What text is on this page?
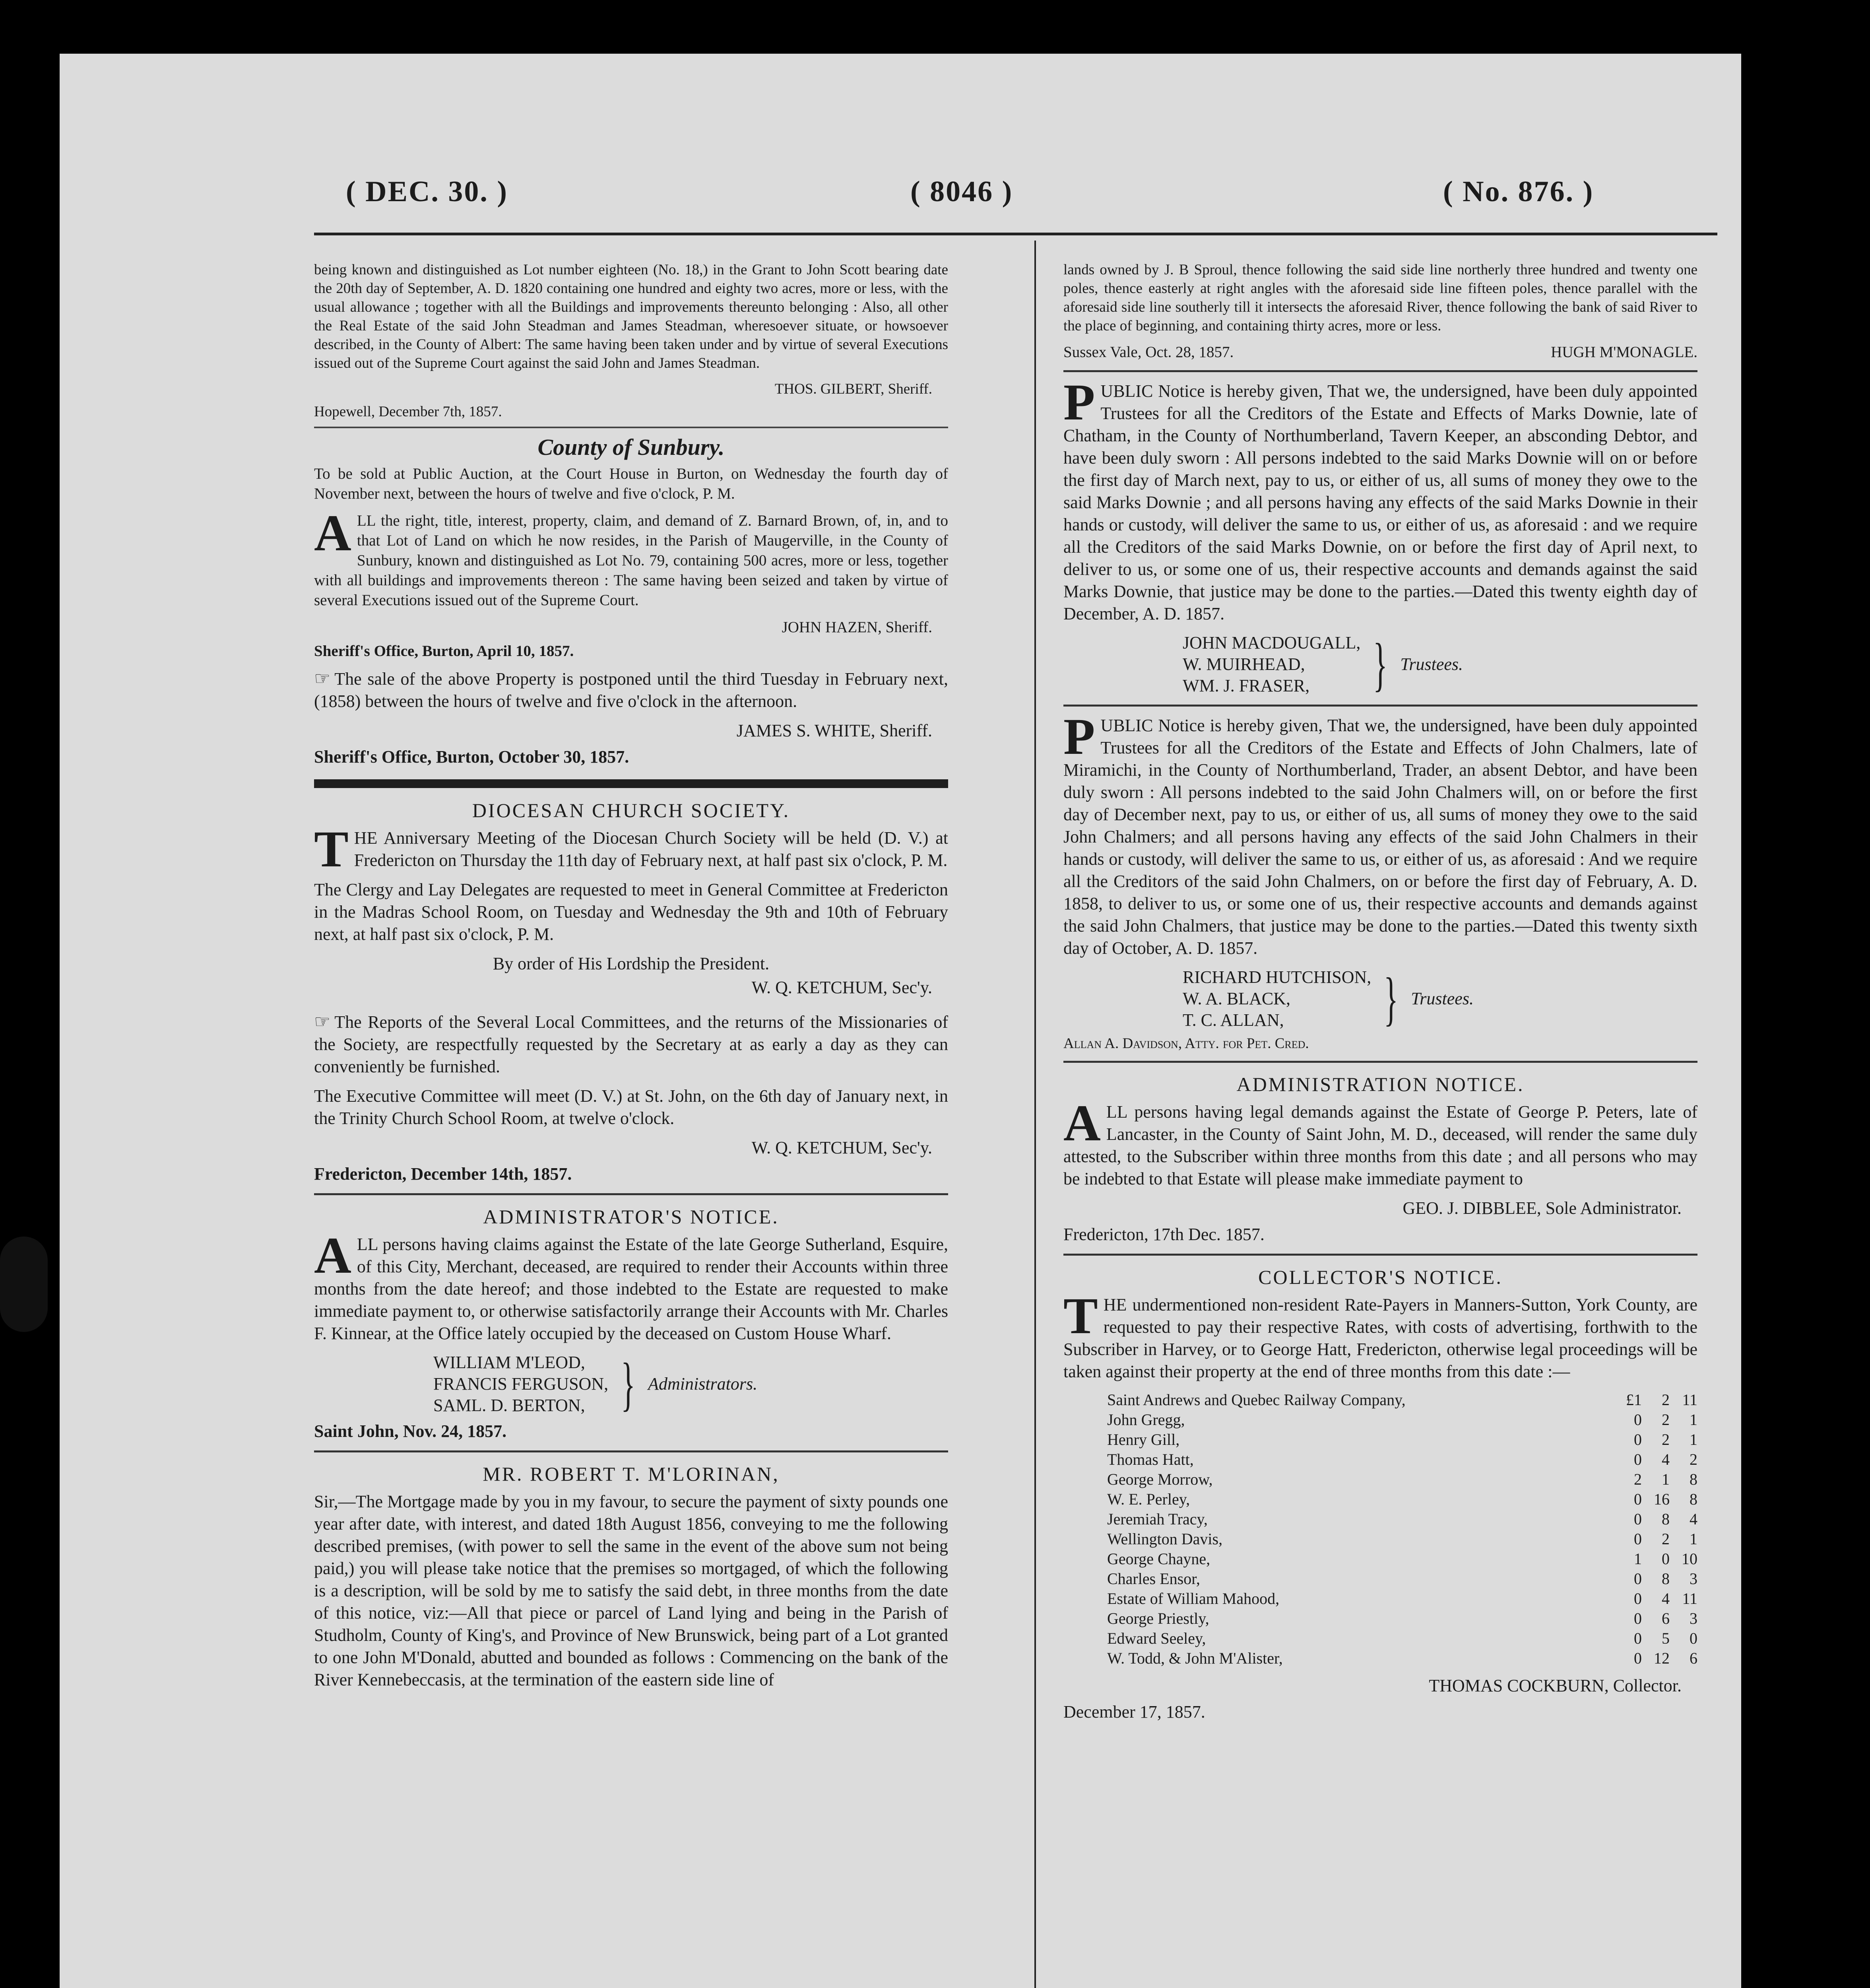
( DEC. 30. )	( 8046 )	( No. 876. )

being known and distinguished as Lot number eighteen (No. 18,) in the Grant to John Scott bearing date the 20th day of September, A. D. 1820 containing one hundred and eighty two acres, more or less, with the usual allowance ; together with all the Buildings and improvements thereunto belonging : Also, all other the Real Estate of the said John Steadman and James Steadman, wheresoever situate, or howsoever described, in the County of Albert: The same having been taken under and by virtue of several Executions issued out of the Supreme Court against the said John and James Steadman.

THOS. GILBERT, Sheriff.
Hopewell, December 7th, 1857.
County of Sunbury.

To be sold at Public Auction, at the Court House in Burton, on Wednesday the fourth day of November next, between the hours of twelve and five o'clock, P. M.

ALL the right, title, interest, property, claim, and demand of Z. Barnard Brown, of, in, and to that Lot of Land on which he now resides, in the Parish of Maugerville, in the County of Sunbury, known and distinguished as Lot No. 79, containing 500 acres, more or less, together with all buildings and improvements thereon : The same having been seized and taken by virtue of several Executions issued out of the Supreme Court.

JOHN HAZEN, Sheriff.
Sheriff's Office, Burton, April 10, 1857.

☞ The sale of the above Property is postponed until the third Tuesday in February next, (1858) between the hours of twelve and five o'clock in the afternoon.

JAMES S. WHITE, Sheriff.
Sheriff's Office, Burton, October 30, 1857.
DIOCESAN CHURCH SOCIETY.

THE Anniversary Meeting of the Diocesan Church Society will be held (D. V.) at Fredericton on Thursday the 11th day of February next, at half past six o'clock, P. M.

The Clergy and Lay Delegates are requested to meet in General Committee at Fredericton in the Madras School Room, on Tuesday and Wednesday the 9th and 10th of February next, at half past six o'clock, P. M.

By order of His Lordship the President.
W. Q. KETCHUM, Sec'y.

☞ The Reports of the Several Local Committees, and the returns of the Missionaries of the Society, are respectfully requested by the Secretary at as early a day as they can conveniently be furnished.

The Executive Committee will meet (D. V.) at St. John, on the 6th day of January next, in the Trinity Church School Room, at twelve o'clock.

W. Q. KETCHUM, Sec'y.
Fredericton, December 14th, 1857.
ADMINISTRATOR'S NOTICE.

ALL persons having claims against the Estate of the late George Sutherland, Esquire, of this City, Merchant, deceased, are required to render their Accounts within three months from the date hereof; and those indebted to the Estate are requested to make immediate payment to, or otherwise satisfactorily arrange their Accounts with Mr. Charles F. Kinnear, at the Office lately occupied by the deceased on Custom House Wharf.

WILLIAM M'LEOD,
FRANCIS FERGUSON,
SAML. D. BERTON, } Administrators.
Saint John, Nov. 24, 1857.
MR. ROBERT T. M'LORINAN,

Sir,—The Mortgage made by you in my favour, to secure the payment of sixty pounds one year after date, with interest, and dated 18th August 1856, conveying to me the following described premises, (with power to sell the same in the event of the above sum not being paid,) you will please take notice that the premises so mortgaged, of which the following is a description, will be sold by me to satisfy the said debt, in three months from the date of this notice, viz:—All that piece or parcel of Land lying and being in the Parish of Studholm, County of King's, and Province of New Brunswick, being part of a Lot granted to one John M'Donald, abutted and bounded as follows : Commencing on the bank of the River Kennebeccasis, at the termination of the eastern side line of

lands owned by J. B Sproul, thence following the said side line northerly three hundred and twenty one poles, thence easterly at right angles with the aforesaid side line fifteen poles, thence parallel with the aforesaid side line southerly till it intersects the aforesaid River, thence following the bank of said River to the place of beginning, and containing thirty acres, more or less.

Sussex Vale, Oct. 28, 1857.	HUGH M'MONAGLE.

PUBLIC Notice is hereby given, That we, the undersigned, have been duly appointed Trustees for all the Creditors of the Estate and Effects of Marks Downie, late of Chatham, in the County of Northumberland, Tavern Keeper, an absconding Debtor, and have been duly sworn : All persons indebted to the said Marks Downie will on or before the first day of March next, pay to us, or either of us, all sums of money they owe to the said Marks Downie ; and all persons having any effects of the said Marks Downie in their hands or custody, will deliver the same to us, or either of us, as aforesaid : and we require all the Creditors of the said Marks Downie, on or before the first day of April next, to deliver to us, or some one of us, their respective accounts and demands against the said Marks Downie, that justice may be done to the parties.—Dated this twenty eighth day of December, A. D. 1857.

JOHN MACDOUGALL,
W. MUIRHEAD,
WM. J. FRASER,	} Trustees.

PUBLIC Notice is hereby given, That we, the undersigned, have been duly appointed Trustees for all the Creditors of the Estate and Effects of John Chalmers, late of Miramichi, in the County of Northumberland, Trader, an absent Debtor, and have been duly sworn : All persons indebted to the said John Chalmers will, on or before the first day of December next, pay to us, or either of us, all sums of money they owe to the said John Chalmers; and all persons having any effects of the said John Chalmers in their hands or custody, will deliver the same to us, or either of us, as aforesaid : And we require all the Creditors of the said John Chalmers, on or before the first day of February, A. D. 1858, to deliver to us, or some one of us, their respective accounts and demands against the said John Chalmers, that justice may be done to the parties.—Dated this twenty sixth day of October, A. D. 1857.

RICHARD HUTCHISON,
W. A. BLACK,
T. C. ALLAN,	} Trustees.
Allan A. Davidson, Atty. for Pet. Cred.
ADMINISTRATION NOTICE.

ALL persons having legal demands against the Estate of George P. Peters, late of Lancaster, in the County of Saint John, M. D., deceased, will render the same duly attested, to the Subscriber within three months from this date ; and all persons who may be indebted to that Estate will please make immediate payment to

GEO. J. DIBBLEE, Sole Administrator.
Fredericton, 17th Dec. 1857.
COLLECTOR'S NOTICE.

THE undermentioned non-resident Rate-Payers in Manners-Sutton, York County, are requested to pay their respective Rates, with costs of advertising, forthwith to the Subscriber in Harvey, or to George Hatt, Fredericton, otherwise legal proceedings will be taken against their property at the end of three months from this date :—

Saint Andrews and Quebec Railway Company,	£1	2	11
John Gregg,	0	2	1
Henry Gill,	0	2	1
Thomas Hatt,	0	4	2
George Morrow,	2	1	8
W. E. Perley,	0	16	8
Jeremiah Tracy,	0	8	4
Wellington Davis,	0	2	1
George Chayne,	1	0	10
Charles Ensor,	0	8	3
Estate of William Mahood,	0	4	11
George Priestly,	0	6	3
Edward Seeley,	0	5	0
W. Todd, & John M'Alister,	0	12	6
THOMAS COCKBURN, Collector.
December 17, 1857.
